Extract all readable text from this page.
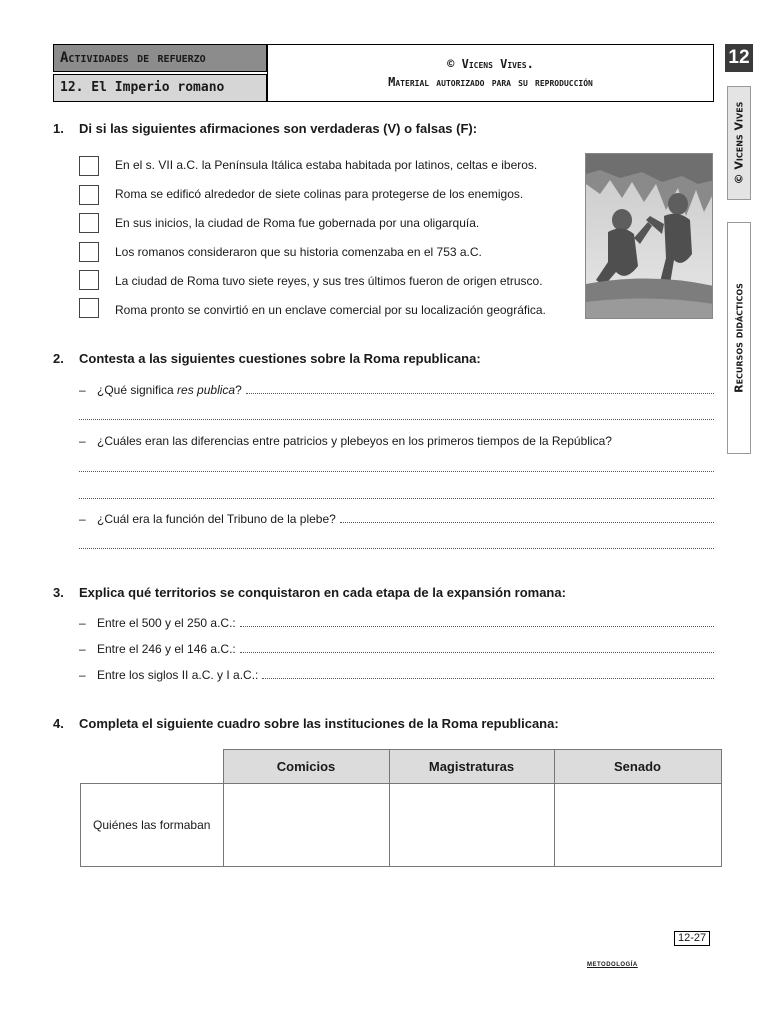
Actividades de refuerzo
12. El Imperio romano
© Vicens Vives.
Material autorizado para su reproducción
12
© Vicens Vives
Recursos didácticos
1. Di si las siguientes afirmaciones son verdaderas (V) o falsas (F):
En el s. VII a.C. la Península Itálica estaba habitada por latinos, celtas e iberos.
Roma se edificó alrededor de siete colinas para protegerse de los enemigos.
En sus inicios, la ciudad de Roma fue gobernada por una oligarquía.
Los romanos consideraron que su historia comenzaba en el 753 a.C.
La ciudad de Roma tuvo siete reyes, y sus tres últimos fueron de origen etrusco.
Roma pronto se convirtió en un enclave comercial por su localización geográfica.
2. Contesta a las siguientes cuestiones sobre la Roma republicana:
– ¿Qué significa res publica ?
– ¿Cuáles eran las diferencias entre patricios y plebeyos en los primeros tiempos de la República?
– ¿Cuál era la función del Tribuno de la plebe?
3. Explica qué territorios se conquistaron en cada etapa de la expansión romana:
– Entre el 500 y el 250 a.C.:
– Entre el 246 y el 146 a.C.:
– Entre los siglos II a.C. y I a.C.:
4. Completa el siguiente cuadro sobre las instituciones de la Roma republicana:
	Comicios	Magistraturas	Senado
Quiénes las formaban			
12-27
metodología
